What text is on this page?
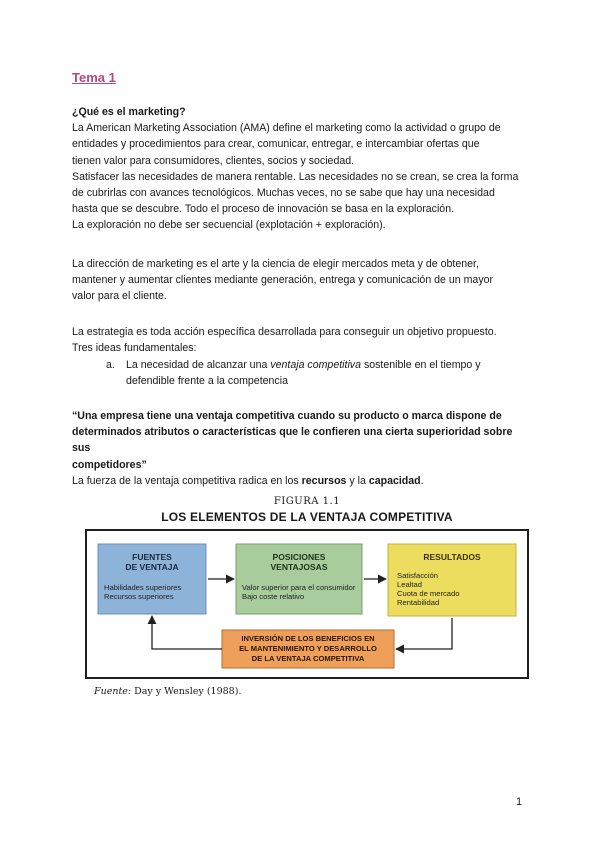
Tema 1

¿Qué es el marketing?

La American Marketing Association (AMA) define el marketing como la actividad o grupo de

entidades y procedimientos para crear, comunicar, entregar, e intercambiar ofertas que

tienen valor para consumidores, clientes, socios y sociedad.

Satisfacer las necesidades de manera rentable. Las necesidades no se crean, se crea la forma

de cubrirlas con avances tecnológicos. Muchas veces, no se sabe que hay una necesidad

hasta que se descubre. Todo el proceso de innovación se basa en la exploración.

La exploración no debe ser secuencial (explotación + exploración).

La dirección de marketing es el arte y la ciencia de elegir mercados meta y de obtener,

mantener y aumentar clientes mediante generación, entrega y comunicación de un mayor

valor para el cliente.

La estrategia es toda acción específica desarrollada para conseguir un objetivo propuesto.

Tres ideas fundamentales:

a. La necesidad de alcanzar una ventaja competitiva sostenible en el tiempo y
defendible frente a la competencia

“Una empresa tiene una ventaja competitiva cuando su producto o marca dispone de

determinados atributos o características que le confieren una cierta superioridad sobre sus

competidores”

La fuerza de la ventaja competitiva radica en los recursos y la capacidad.

FIGURA 1.1
LOS ELEMENTOS DE LA VENTAJA COMPETITIVA
FUENTES
DE VENTAJA
Habilidades superiores
Recursos superiores
POSICIONES
VENTAJOSAS
Valor superior para el consumidor
Bajo coste relativo
RESULTADOS
Satisfacción
Lealtad
Cuota de mercado
Rentabilidad
INVERSIÓN DE LOS BENEFICIOS EN
EL MANTENIMIENTO Y DESARROLLO
DE LA VENTAJA COMPETITIVA
Fuente: Day y Wensley (1988).
1
